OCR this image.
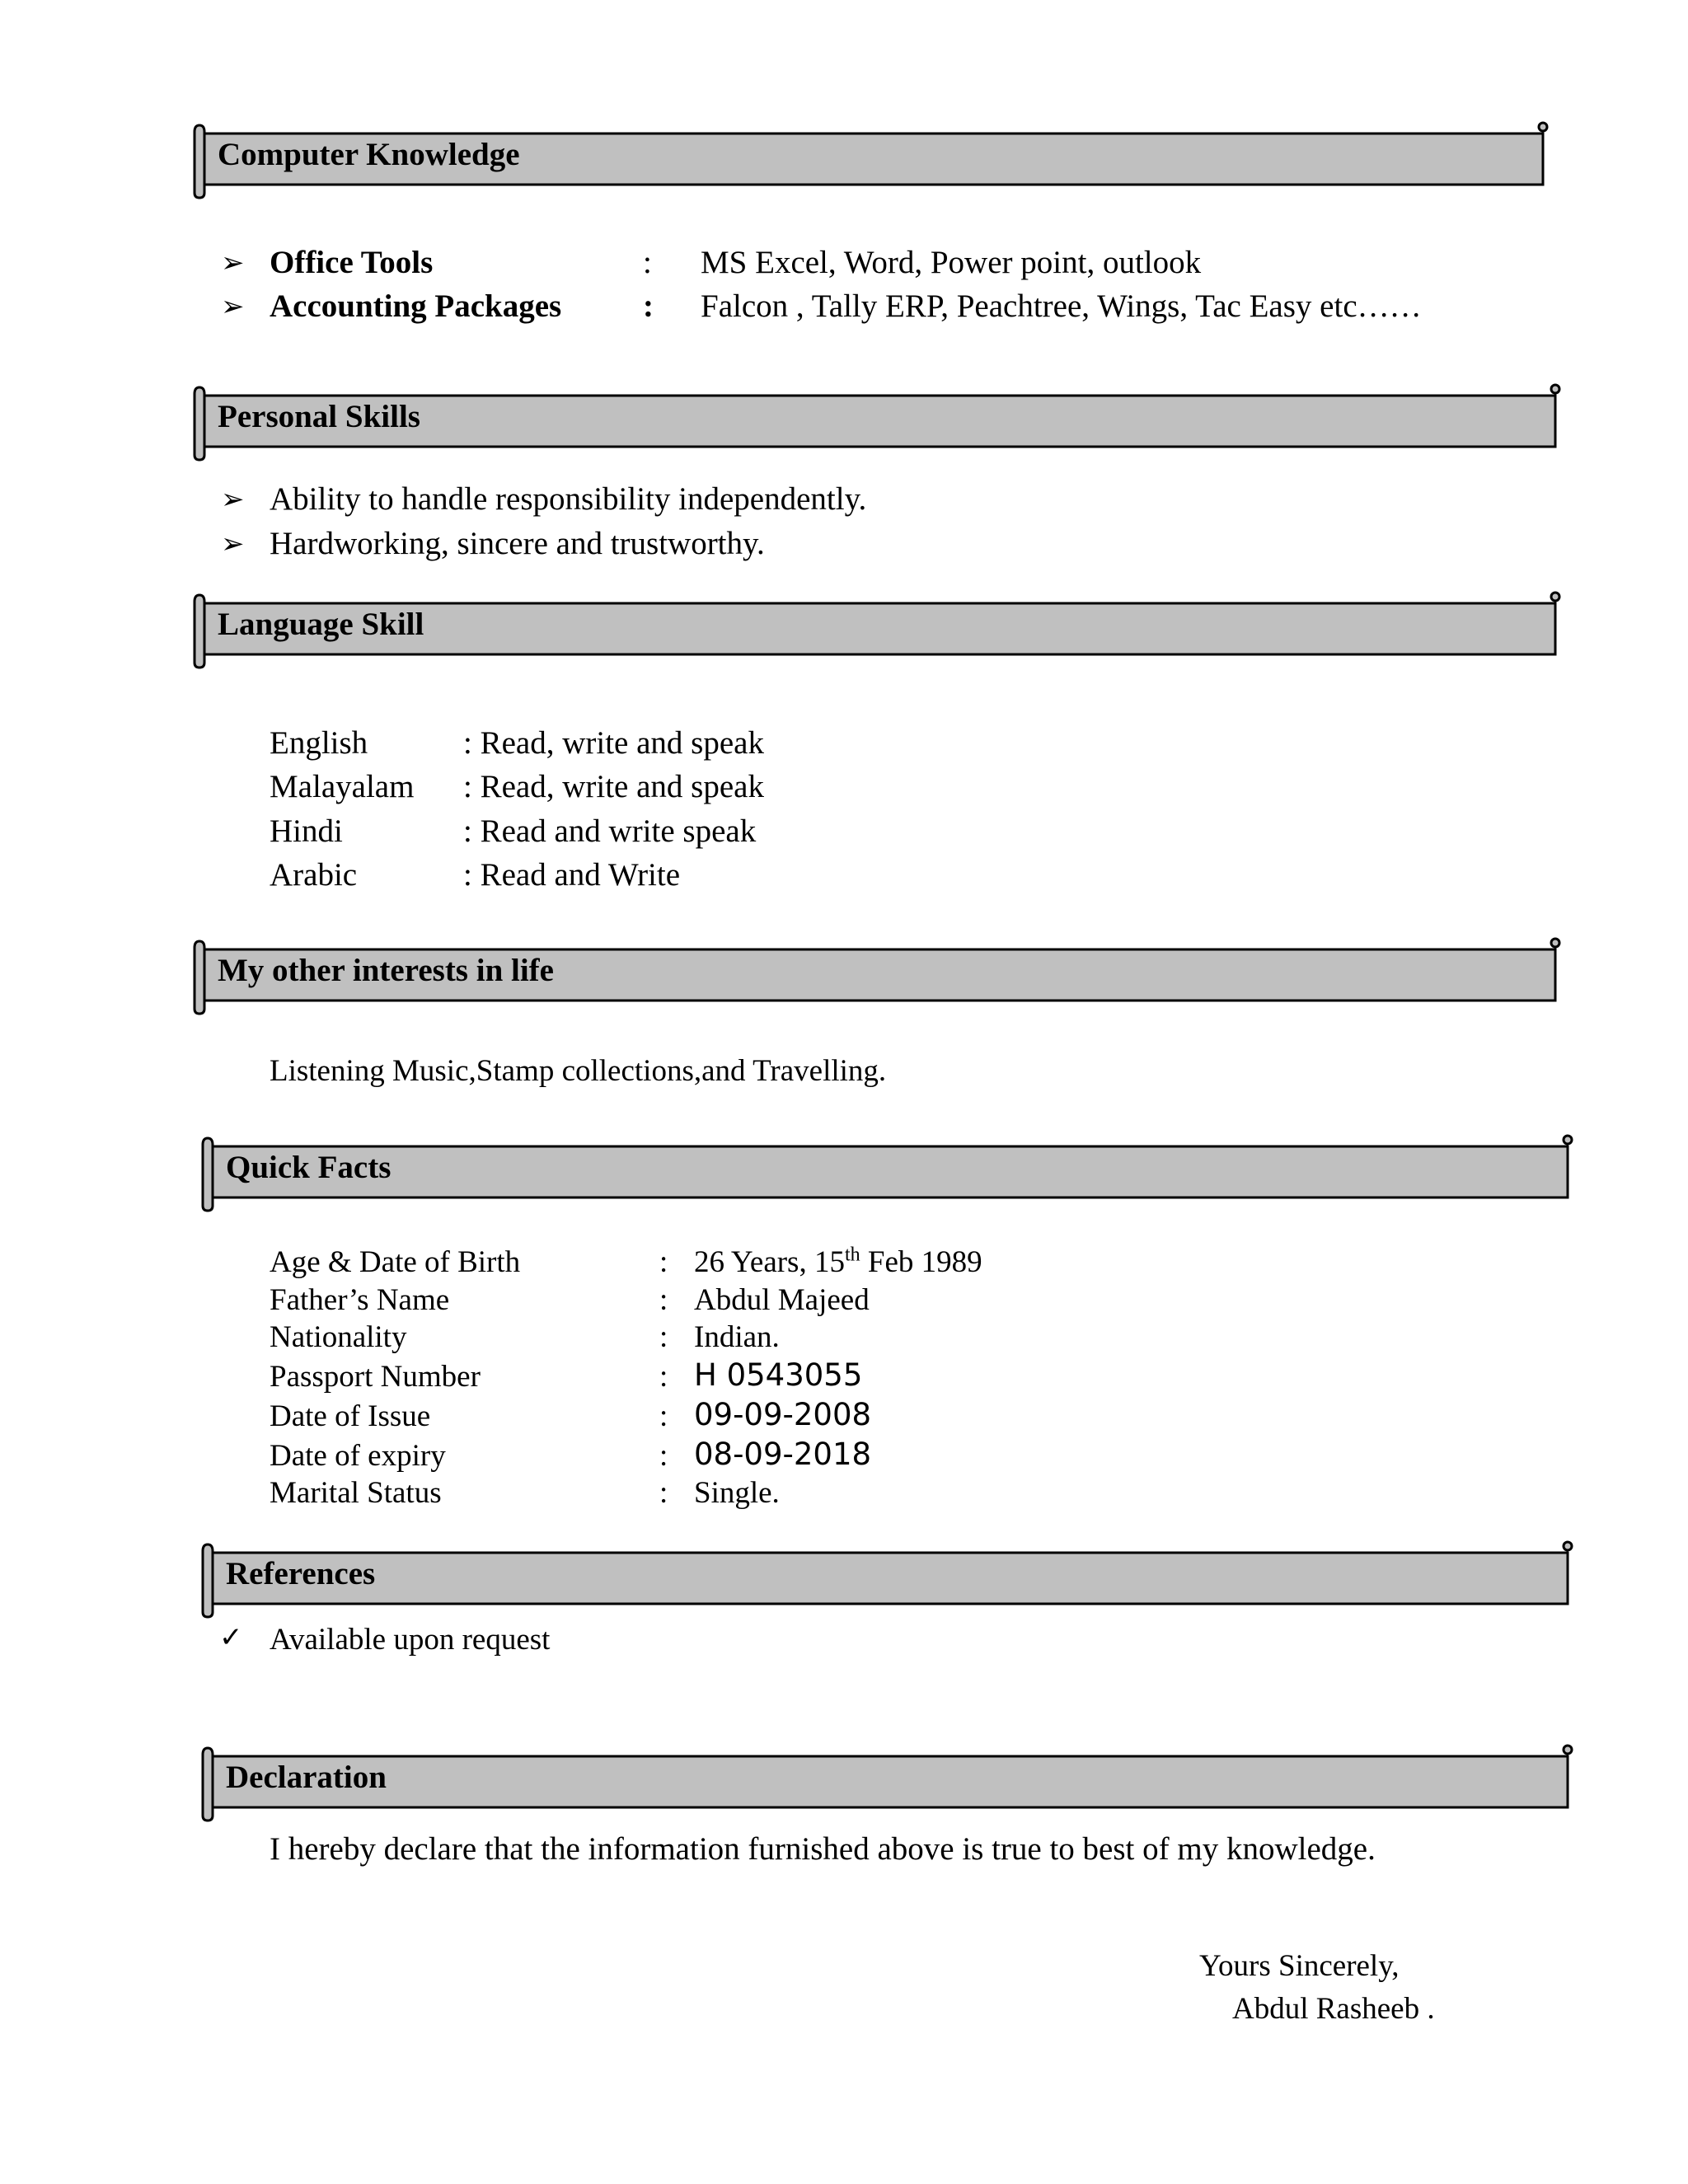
Computer Knowledge
➢ Office Tools	: MS Excel, Word, Power point, outlook
➢ Accounting Packages	: Falcon , Tally ERP, Peachtree, Wings, Tac Easy etc……
Personal Skills
➢ Ability to handle responsibility independently.
➢ Hardworking, sincere and trustworthy.
Language Skill
English	: Read, write and speak
Malayalam : Read, write and speak
Hindi	: Read and write speak
Arabic	: Read and Write
My other interests in life
Listening Music,Stamp collections,and Travelling.
Quick Facts
Age & Date of Birth	: 26 Years, 15th Feb 1989
Father’s Name	: Abdul Majeed
Nationality	: Indian.
Passport Number	: H 0543055
Date of Issue	: 09-09-2008
Date of expiry	: 08-09-2018
Marital Status	: Single.
References
✓ Available upon request
Declaration
I hereby declare that the information furnished above is true to best of my knowledge.
Yours Sincerely,
Abdul Rasheeb .
